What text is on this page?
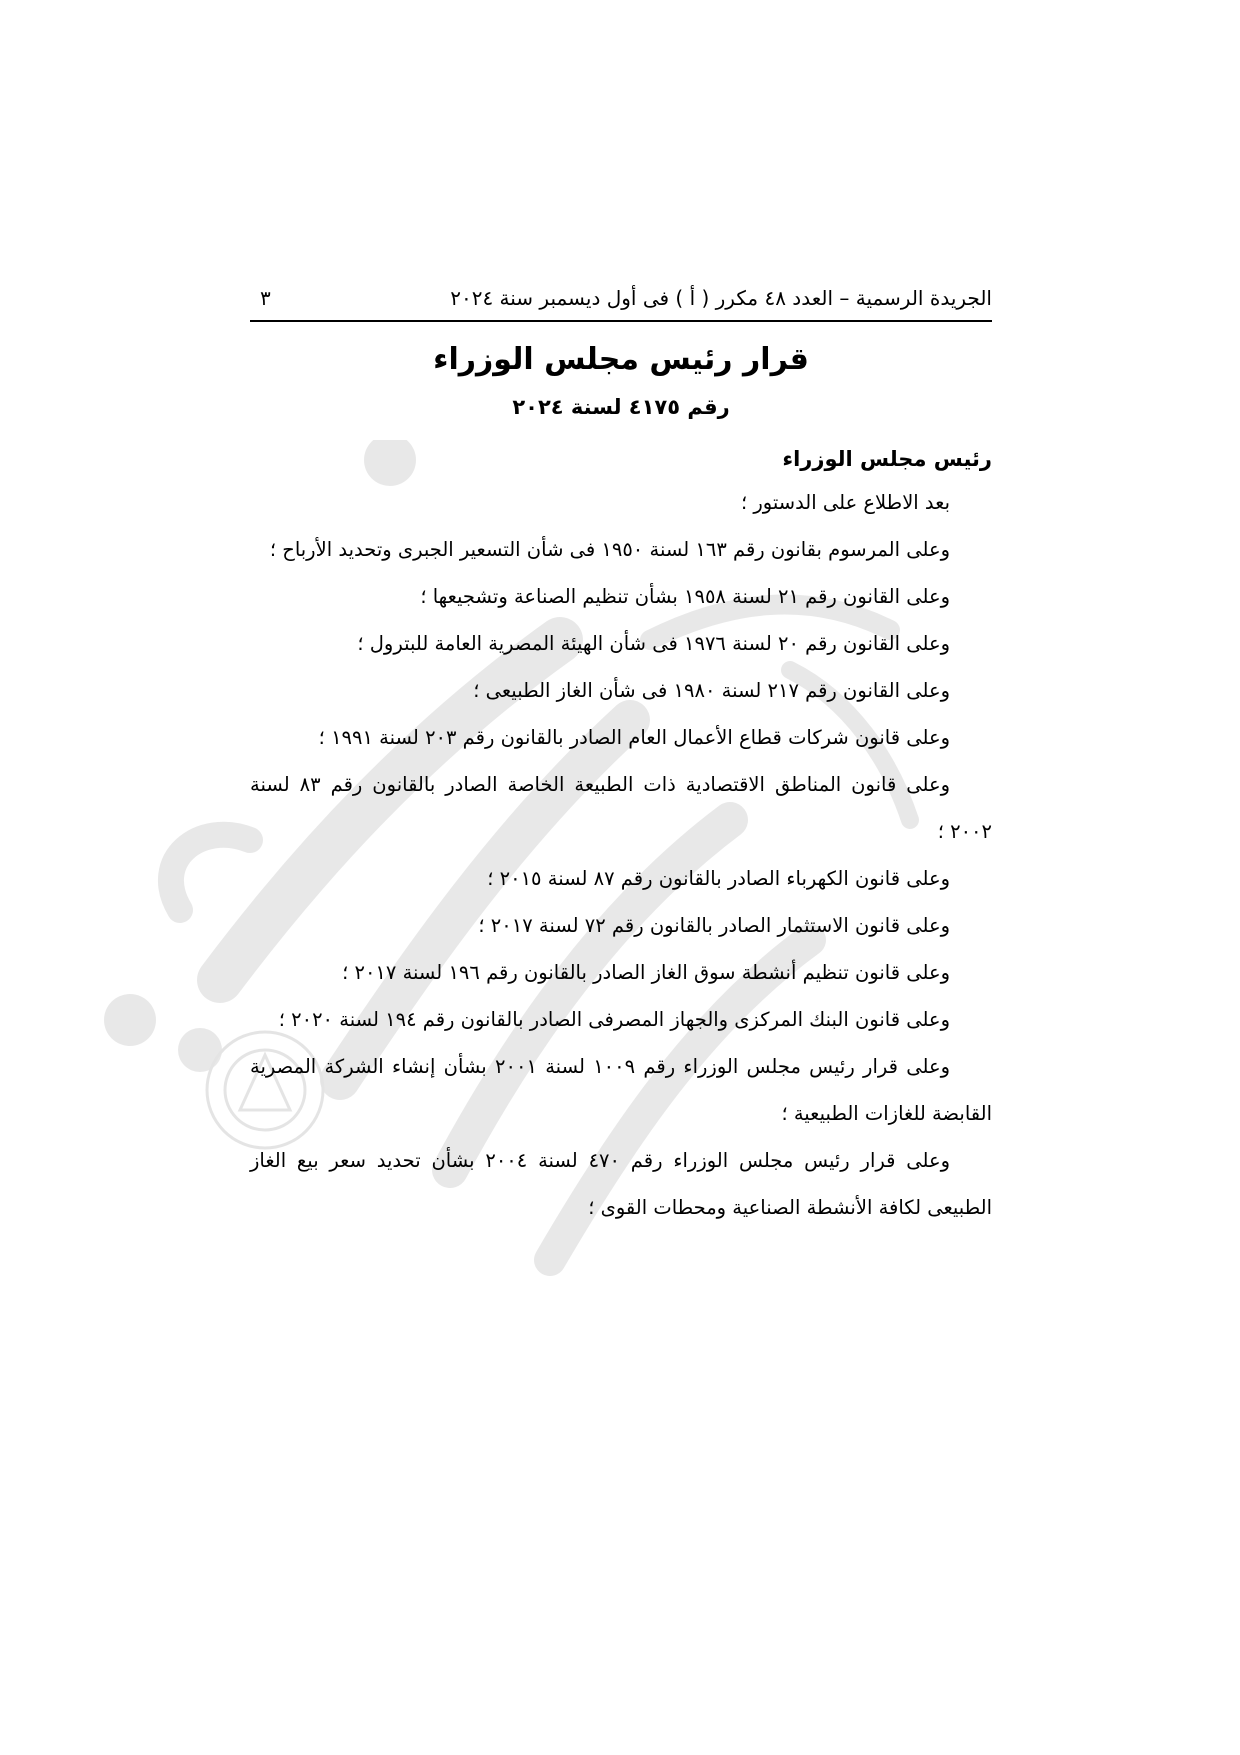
الجريدة الرسمية – العدد ٤٨ مكرر ( أ ) فى أول ديسمبر سنة ٢٠٢٤
٣
قرار رئيس مجلس الوزراء
رقم ٤١٧٥ لسنة ٢٠٢٤
رئيس مجلس الوزراء

بعد الاطلاع على الدستور ؛

وعلى المرسوم بقانون رقم ١٦٣ لسنة ١٩٥٠ فى شأن التسعير الجبرى وتحديد الأرباح ؛

وعلى القانون رقم ٢١ لسنة ١٩٥٨ بشأن تنظيم الصناعة وتشجيعها ؛

وعلى القانون رقم ٢٠ لسنة ١٩٧٦ فى شأن الهيئة المصرية العامة للبترول ؛

وعلى القانون رقم ٢١٧ لسنة ١٩٨٠ فى شأن الغاز الطبيعى ؛

وعلى قانون شركات قطاع الأعمال العام الصادر بالقانون رقم ٢٠٣ لسنة ١٩٩١ ؛

وعلى قانون المناطق الاقتصادية ذات الطبيعة الخاصة الصادر بالقانون رقم ٨٣ لسنة ٢٠٠٢ ؛

وعلى قانون الكهرباء الصادر بالقانون رقم ٨٧ لسنة ٢٠١٥ ؛

وعلى قانون الاستثمار الصادر بالقانون رقم ٧٢ لسنة ٢٠١٧ ؛

وعلى قانون تنظيم أنشطة سوق الغاز الصادر بالقانون رقم ١٩٦ لسنة ٢٠١٧ ؛

وعلى قانون البنك المركزى والجهاز المصرفى الصادر بالقانون رقم ١٩٤ لسنة ٢٠٢٠ ؛

وعلى قرار رئيس مجلس الوزراء رقم ١٠٠٩ لسنة ٢٠٠١ بشأن إنشاء الشركة المصرية القابضة للغازات الطبيعية ؛

وعلى قرار رئيس مجلس الوزراء رقم ٤٧٠ لسنة ٢٠٠٤ بشأن تحديد سعر بيع الغاز الطبيعى لكافة الأنشطة الصناعية ومحطات القوى ؛
